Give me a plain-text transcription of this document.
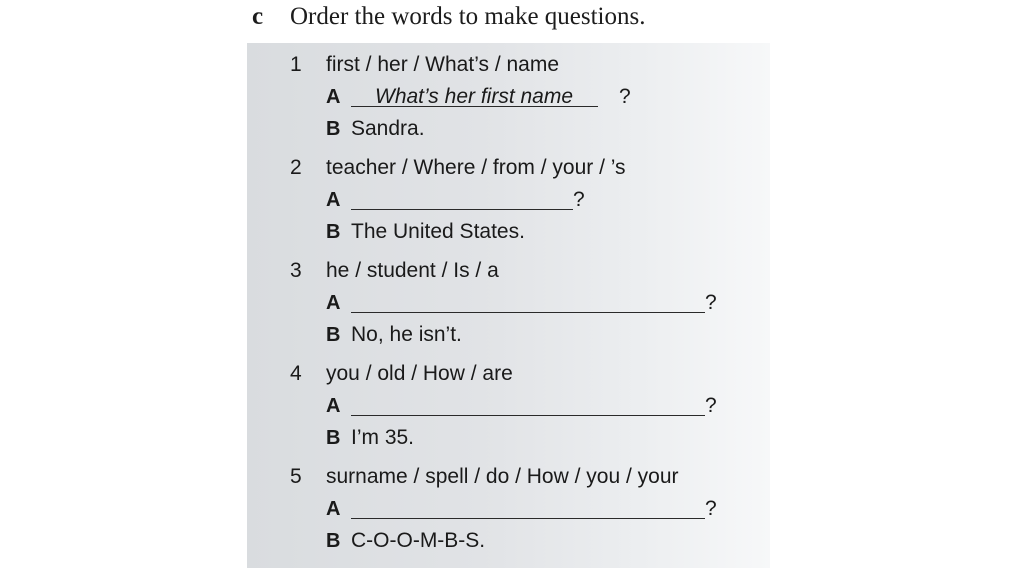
c	Order the words to make questions.
1 first / her / What’s / name
A What’s her first name ?
B Sandra.
2 teacher / Where / from / your / ’s
A	?
B The United States.
3 he / student / Is / a
A	?
B No, he isn’t.
4 you / old / How / are
A	?
B I’m 35.
5 surname / spell / do / How / you / your
A	?
B C-O-O-M-B-S.
